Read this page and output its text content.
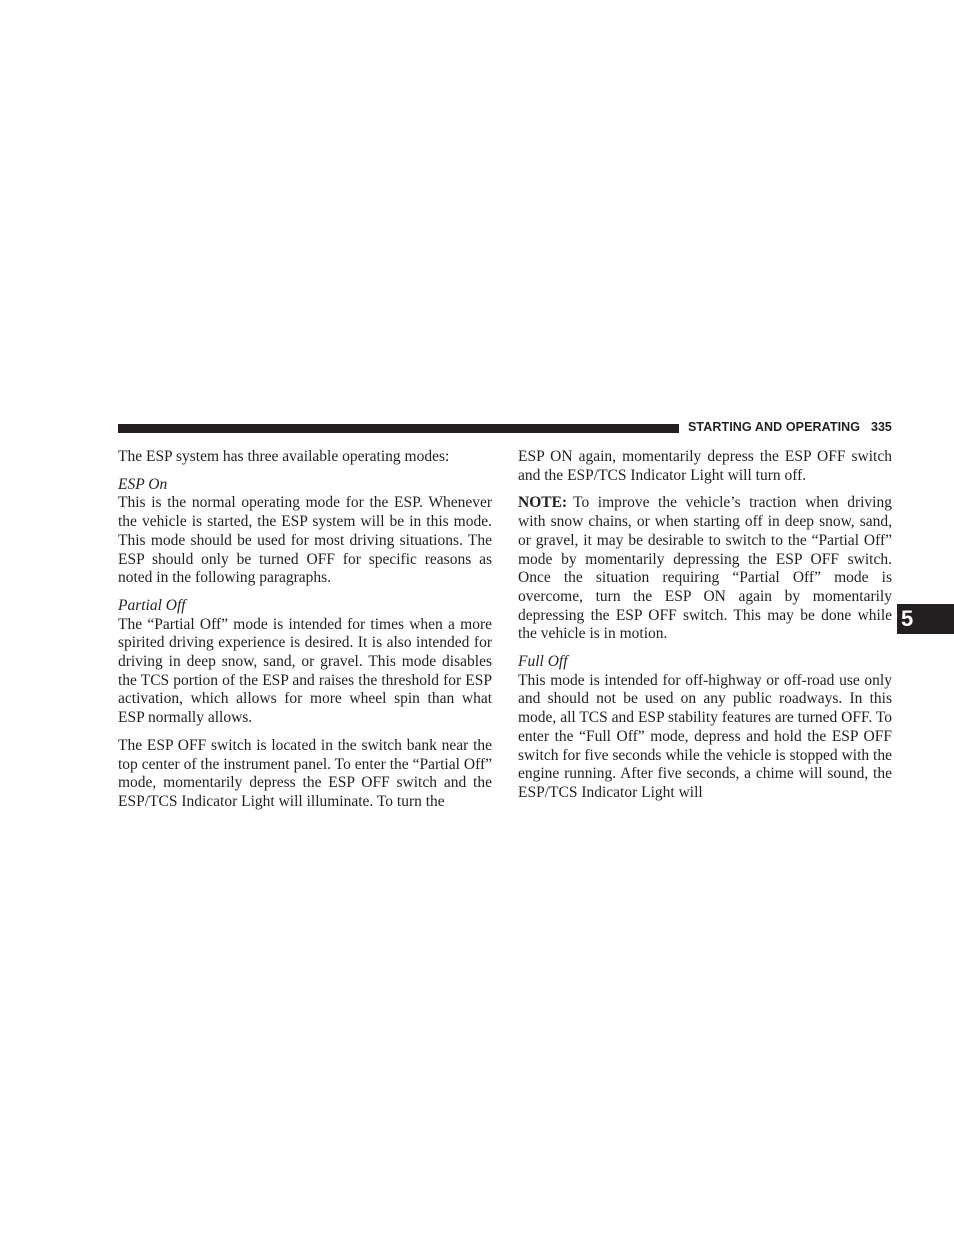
STARTING AND OPERATING 335

The ESP system has three available operating modes:

ESP On

This is the normal operating mode for the ESP. Whenever the vehicle is started, the ESP system will be in this mode. This mode should be used for most driving situations. The ESP should only be turned OFF for specific reasons as noted in the following paragraphs.

Partial Off

The “Partial Off” mode is intended for times when a more spirited driving experience is desired. It is also intended for driving in deep snow, sand, or gravel. This mode disables the TCS portion of the ESP and raises the threshold for ESP activation, which allows for more wheel spin than what ESP normally allows.

The ESP OFF switch is located in the switch bank near the top center of the instrument panel. To enter the “Partial Off” mode, momentarily depress the ESP OFF switch and the ESP/TCS Indicator Light will illuminate. To turn the

ESP ON again, momentarily depress the ESP OFF switch and the ESP/TCS Indicator Light will turn off.

NOTE: To improve the vehicle’s traction when driving with snow chains, or when starting off in deep snow, sand, or gravel, it may be desirable to switch to the “Partial Off” mode by momentarily depressing the ESP OFF switch. Once the situation requiring “Partial Off” mode is overcome, turn the ESP ON again by momentarily depressing the ESP OFF switch. This may be done while the vehicle is in motion.

Full Off

This mode is intended for off-highway or off-road use only and should not be used on any public roadways. In this mode, all TCS and ESP stability features are turned OFF. To enter the “Full Off” mode, depress and hold the ESP OFF switch for five seconds while the vehicle is stopped with the engine running. After five seconds, a chime will sound, the ESP/TCS Indicator Light will

5
